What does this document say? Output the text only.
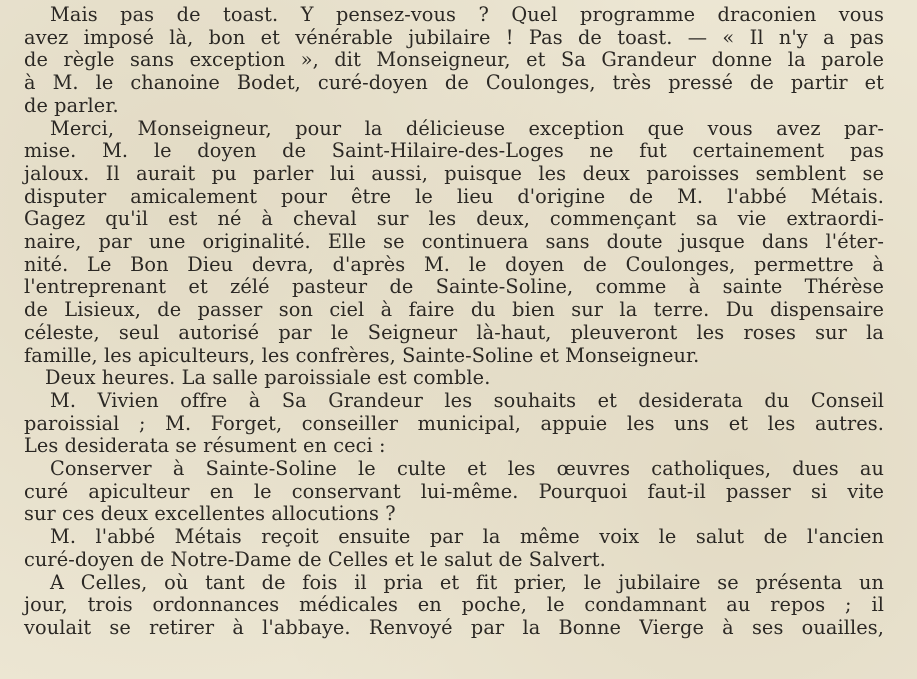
Mais pas de toast. Y pensez-vous ? Quel programme draconien vous
avez imposé là, bon et vénérable jubilaire ! Pas de toast. — « Il n'y a pas
de règle sans exception », dit Monseigneur, et Sa Grandeur donne la parole
à M. le chanoine Bodet, curé-doyen de Coulonges, très pressé de partir et
de parler.
Merci, Monseigneur, pour la délicieuse exception que vous avez par-
mise. M. le doyen de Saint-Hilaire-des-Loges ne fut certainement pas
jaloux. Il aurait pu parler lui aussi, puisque les deux paroisses semblent se
disputer amicalement pour être le lieu d'origine de M. l'abbé Métais.
Gagez qu'il est né à cheval sur les deux, commençant sa vie extraordi-
naire, par une originalité. Elle se continuera sans doute jusque dans l'éter-
nité. Le Bon Dieu devra, d'après M. le doyen de Coulonges, permettre à
l'entreprenant et zélé pasteur de Sainte-Soline, comme à sainte Thérèse
de Lisieux, de passer son ciel à faire du bien sur la terre. Du dispensaire
céleste, seul autorisé par le Seigneur là-haut, pleuveront les roses sur la
famille, les apiculteurs, les confrères, Sainte-Soline et Monseigneur.
Deux heures. La salle paroissiale est comble.
M. Vivien offre à Sa Grandeur les souhaits et desiderata du Conseil
paroissial ; M. Forget, conseiller municipal, appuie les uns et les autres.
Les desiderata se résument en ceci :
Conserver à Sainte-Soline le culte et les œuvres catholiques, dues au
curé apiculteur en le conservant lui-même. Pourquoi faut-il passer si vite
sur ces deux excellentes allocutions ?
M. l'abbé Métais reçoit ensuite par la même voix le salut de l'ancien
curé-doyen de Notre-Dame de Celles et le salut de Salvert.
A Celles, où tant de fois il pria et fit prier, le jubilaire se présenta un
jour, trois ordonnances médicales en poche, le condamnant au repos ; il
voulait se retirer à l'abbaye. Renvoyé par la Bonne Vierge à ses ouailles,
